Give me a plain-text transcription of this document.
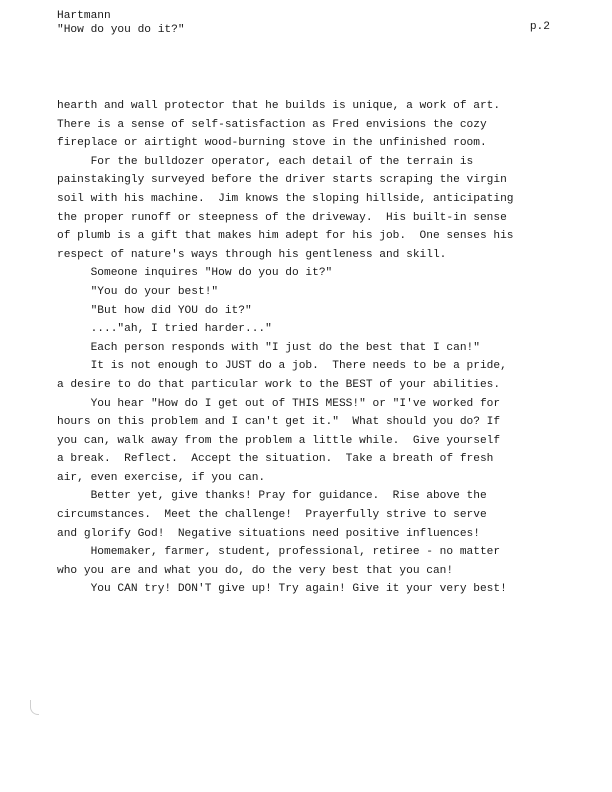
Hartmann
"How do you do it?"	p.2
hearth and wall protector that he builds is unique, a work of art.
There is a sense of self-satisfaction as Fred envisions the cozy
fireplace or airtight wood-burning stove in the unfinished room.
For the bulldozer operator, each detail of the terrain is
painstakingly surveyed before the driver starts scraping the virgin
soil with his machine.  Jim knows the sloping hillside, anticipating
the proper runoff or steepness of the driveway.  His built-in sense
of plumb is a gift that makes him adept for his job.  One senses his
respect of nature's ways through his gentleness and skill.
Someone inquires "How do you do it?"
"You do your best!"
"But how did YOU do it?"
...."ah, I tried harder..."
Each person responds with "I just do the best that I can!"
It is not enough to JUST do a job.  There needs to be a pride,
a desire to do that particular work to the BEST of your abilities.
You hear "How do I get out of THIS MESS!" or "I've worked for
hours on this problem and I can't get it."  What should you do? If
you can, walk away from the problem a little while.  Give yourself
a break.  Reflect.  Accept the situation.  Take a breath of fresh
air, even exercise, if you can.
Better yet, give thanks! Pray for guidance.  Rise above the
circumstances.  Meet the challenge!  Prayerfully strive to serve
and glorify God!  Negative situations need positive influences!
Homemaker, farmer, student, professional, retiree - no matter
who you are and what you do, do the very best that you can!
You CAN try! DON'T give up! Try again! Give it your very best!
